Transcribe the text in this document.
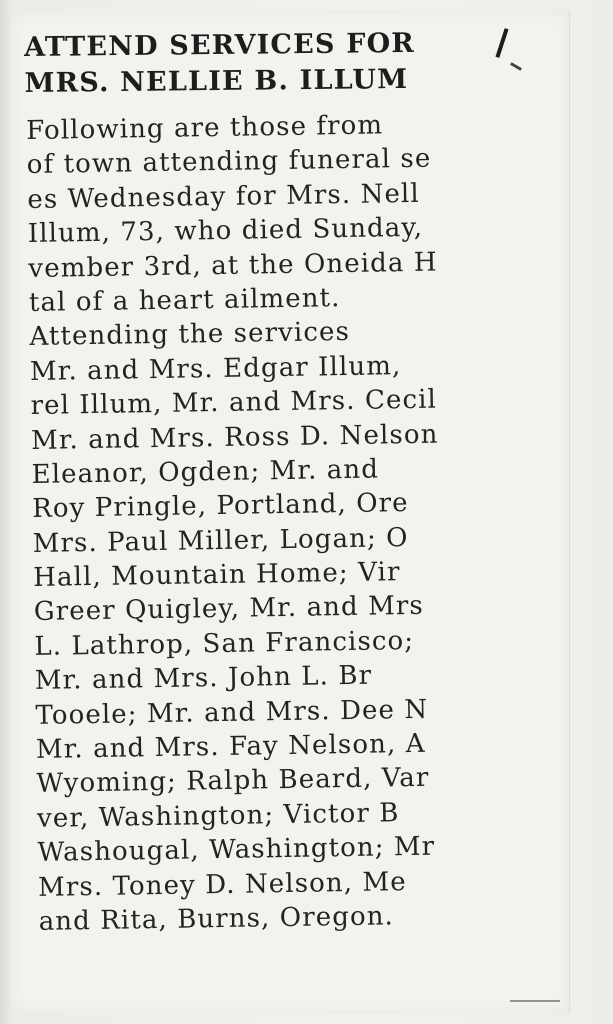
ATTEND SERVICES FOR
MRS. NELLIE B. ILLUM
Following are those from
of town attending funeral se
es Wednesday for Mrs. Nell
Illum, 73, who died Sunday,
vember 3rd, at the Oneida H
tal of a heart ailment.
Attending the services
Mr. and Mrs. Edgar Illum,
rel Illum, Mr. and Mrs. Cecil
Mr. and Mrs. Ross D. Nelson
Eleanor, Ogden; Mr. and
Roy Pringle, Portland, Ore
Mrs. Paul Miller, Logan; O
Hall, Mountain Home; Vir
Greer Quigley, Mr. and Mrs
L. Lathrop, San Francisco;
Mr. and Mrs. John L. Br
Tooele; Mr. and Mrs. Dee N
Mr. and Mrs. Fay Nelson, A
Wyoming; Ralph Beard, Var
ver, Washington; Victor B
Washougal, Washington; Mr
Mrs. Toney D. Nelson, Me
and Rita, Burns, Oregon.
